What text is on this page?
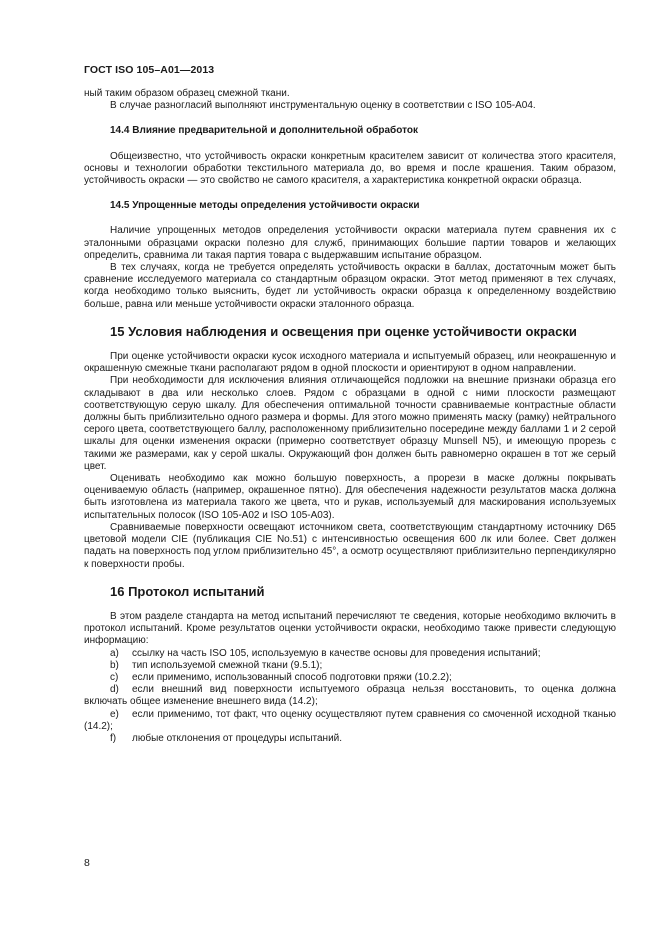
ГОСТ ISO 105–A01—2013

ный таким образом образец смежной ткани.

В случае разногласий выполняют инструментальную оценку в соответствии с ISO 105-A04.

14.4 Влияние предварительной и дополнительной обработок

Общеизвестно, что устойчивость окраски конкретным красителем зависит от количества этого красителя, основы и технологии обработки текстильного материала до, во время и после крашения. Таким образом, устойчивость окраски — это свойство не самого красителя, а характеристика конкретной окраски образца.

14.5 Упрощенные методы определения устойчивости окраски

Наличие упрощенных методов определения устойчивости окраски материала путем сравнения их с эталонными образцами окраски полезно для служб, принимающих большие партии товаров и желающих определить, сравнима ли такая партия товара с выдержавшим испытание образцом.

В тех случаях, когда не требуется определять устойчивость окраски в баллах, достаточным может быть сравнение исследуемого материала со стандартным образцом окраски. Этот метод применяют в тех случаях, когда необходимо только выяснить, будет ли устойчивость окраски образца к определенному воздействию больше, равна или меньше устойчивости окраски эталонного образца.

15 Условия наблюдения и освещения при оценке устойчивости окраски

При оценке устойчивости окраски кусок исходного материала и испытуемый образец, или неокрашенную и окрашенную смежные ткани располагают рядом в одной плоскости и ориентируют в одном направлении.

При необходимости для исключения влияния отличающейся подложки на внешние признаки образца его складывают в два или несколько слоев. Рядом с образцами в одной с ними плоскости размещают соответствующую серую шкалу. Для обеспечения оптимальной точности сравниваемые контрастные области должны быть приблизительно одного размера и формы. Для этого можно применять маску (рамку) нейтрального серого цвета, соответствующего баллу, расположенному приблизительно посередине между баллами 1 и 2 серой шкалы для оценки изменения окраски (примерно соответствует образцу Munsell N5), и имеющую прорезь с такими же размерами, как у серой шкалы. Окружающий фон должен быть равномерно окрашен в тот же серый цвет.

Оценивать необходимо как можно большую поверхность, а прорези в маске должны покрывать оцениваемую область (например, окрашенное пятно). Для обеспечения надежности результатов маска должна быть изготовлена из материала такого же цвета, что и рукав, используемый для маскирования используемых испытательных полосок (ISO 105-A02 и ISO 105-A03).

Сравниваемые поверхности освещают источником света, соответствующим стандартному источнику D65 цветовой модели CIE (публикация CIE No.51) с интенсивностью освещения 600 лк или более. Свет должен падать на поверхность под углом приблизительно 45°, а осмотр осуществляют приблизительно перпендикулярно к поверхности пробы.

16 Протокол испытаний

В этом разделе стандарта на метод испытаний перечисляют те сведения, которые необходимо включить в протокол испытаний. Кроме результатов оценки устойчивости окраски, необходимо также привести следующую информацию:

a)	ссылку на часть ISO 105, используемую в качестве основы для проведения испытаний;
b)	тип используемой смежной ткани (9.5.1);
c)	если применимо, использованный способ подготовки пряжи (10.2.2);

d) если внешний вид поверхности испытуемого образца нельзя восстановить, то оценка должна включать общее изменение внешнего вида (14.2);

e) если применимо, тот факт, что оценку осуществляют путем сравнения со смоченной исходной тканью (14.2);

f)	любые отклонения от процедуры испытаний.
8
